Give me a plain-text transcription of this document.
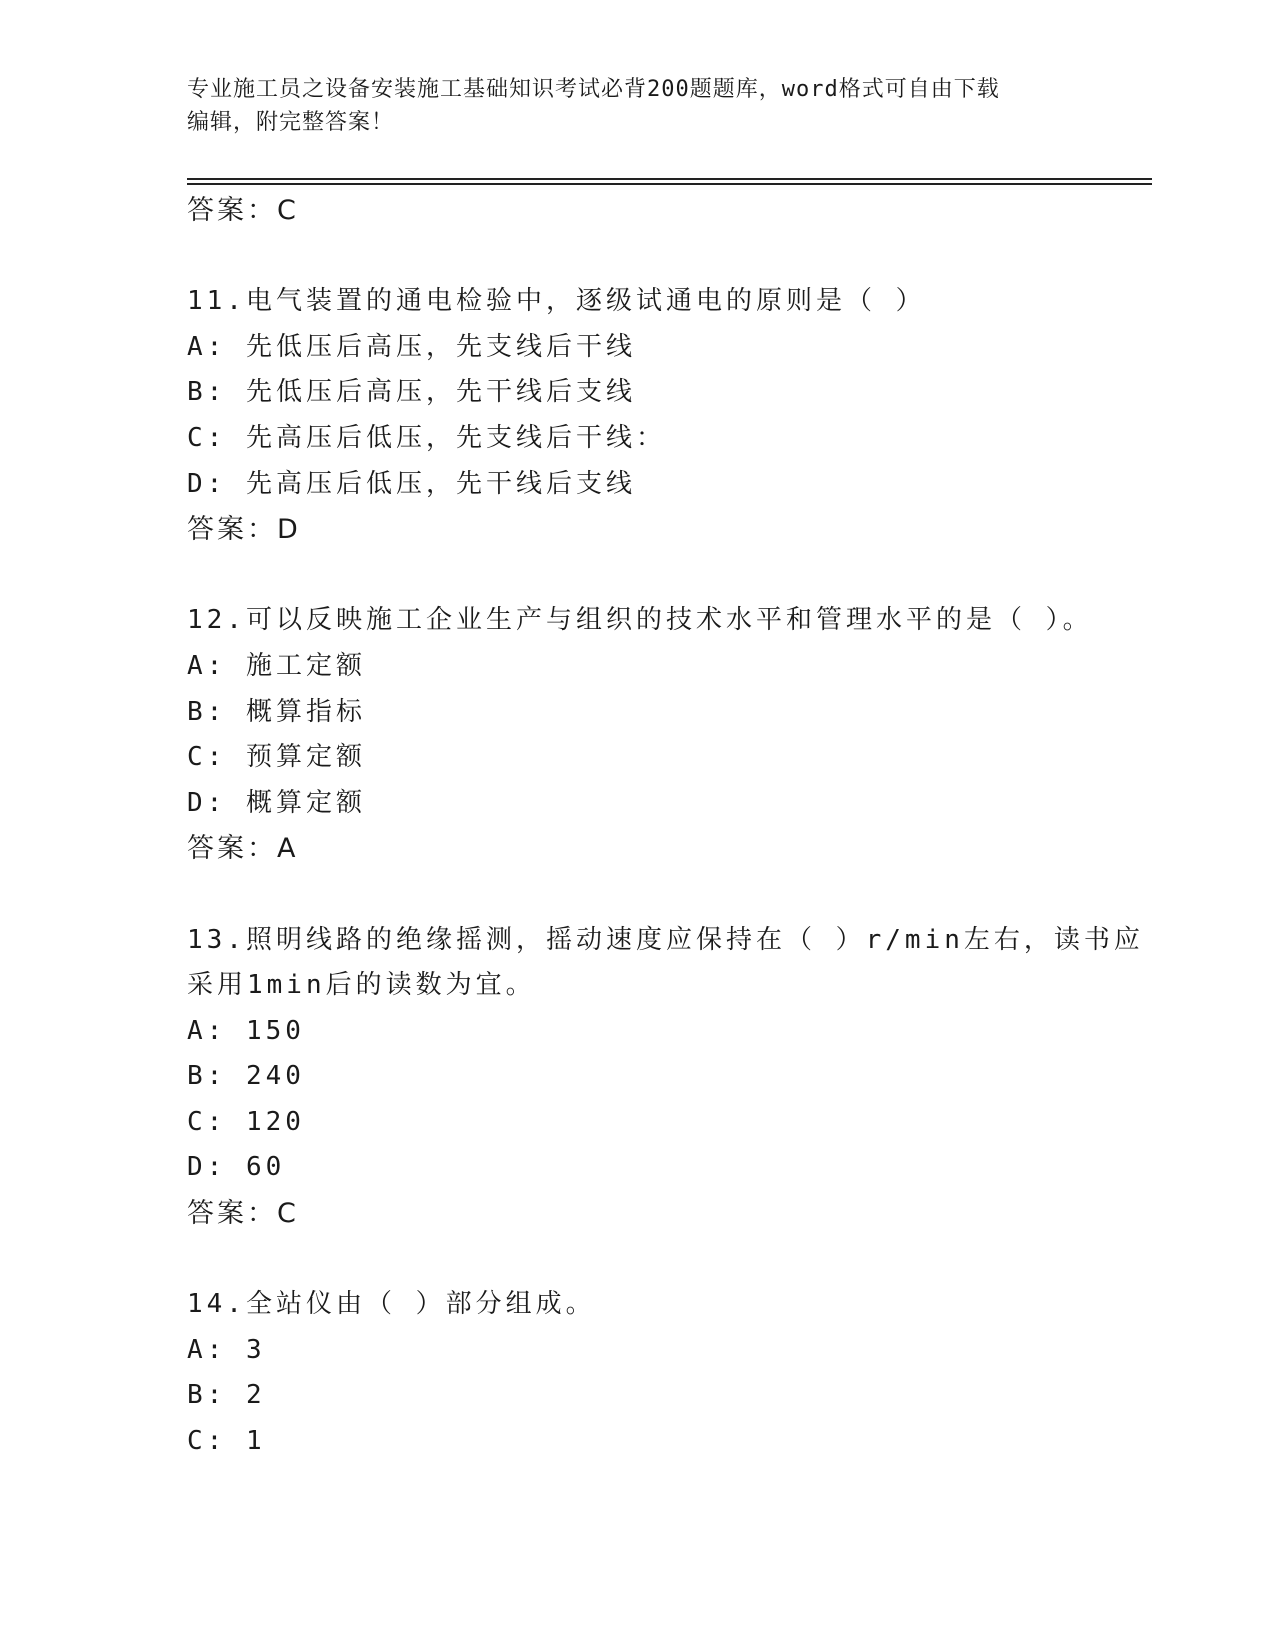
专业施工员之设备安装施工基础知识考试必背200题题库，word格式可自由下载
编辑，附完整答案！
答案：C
11.电气装置的通电检验中，逐级试通电的原则是（ ）
A: 先低压后高压，先支线后干线
B: 先低压后高压，先干线后支线
C: 先高压后低压，先支线后干线：
D: 先高压后低压，先干线后支线
答案：D
12.可以反映施工企业生产与组织的技术水平和管理水平的是（ ）。
A: 施工定额
B: 概算指标
C: 预算定额
D: 概算定额
答案：A
13.照明线路的绝缘摇测，摇动速度应保持在（ ）r/min左右，读书应
采用1min后的读数为宜。
A: 150
B: 240
C: 120
D: 60
答案：C
14.全站仪由（ ）部分组成。
A: 3
B: 2
C: 1
